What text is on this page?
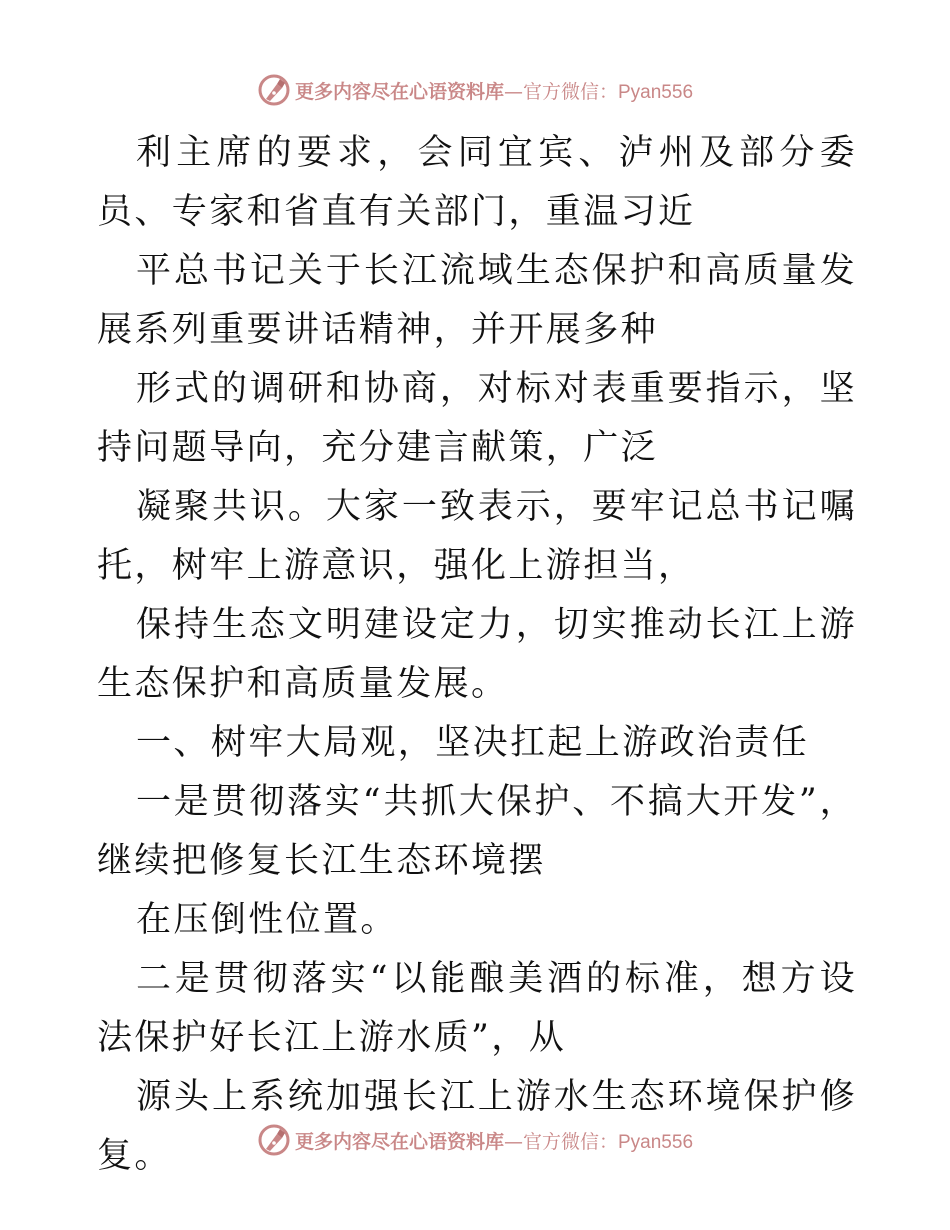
更多内容尽在心语资料库—官方微信：Pyan556

利主席的要求，会同宜宾、泸州及部分委员、专家和省直有关部门，重温习近

平总书记关于长江流域生态保护和高质量发展系列重要讲话精神，并开展多种

形式的调研和协商，对标对表重要指示，坚持问题导向，充分建言献策，广泛

凝聚共识。大家一致表示，要牢记总书记嘱托，树牢上游意识，强化上游担当，

保持生态文明建设定力，切实推动长江上游生态保护和高质量发展。

一、树牢大局观，坚决扛起上游政治责任

一是贯彻落实“共抓大保护、不搞大开发”，继续把修复长江生态环境摆

在压倒性位置。

二是贯彻落实“以能酿美酒的标准，想方设法保护好长江上游水质”，从

源头上系统加强长江上游水生态环境保护修复。	更多内容尽在心语资料库—官方微信：Pyan556
